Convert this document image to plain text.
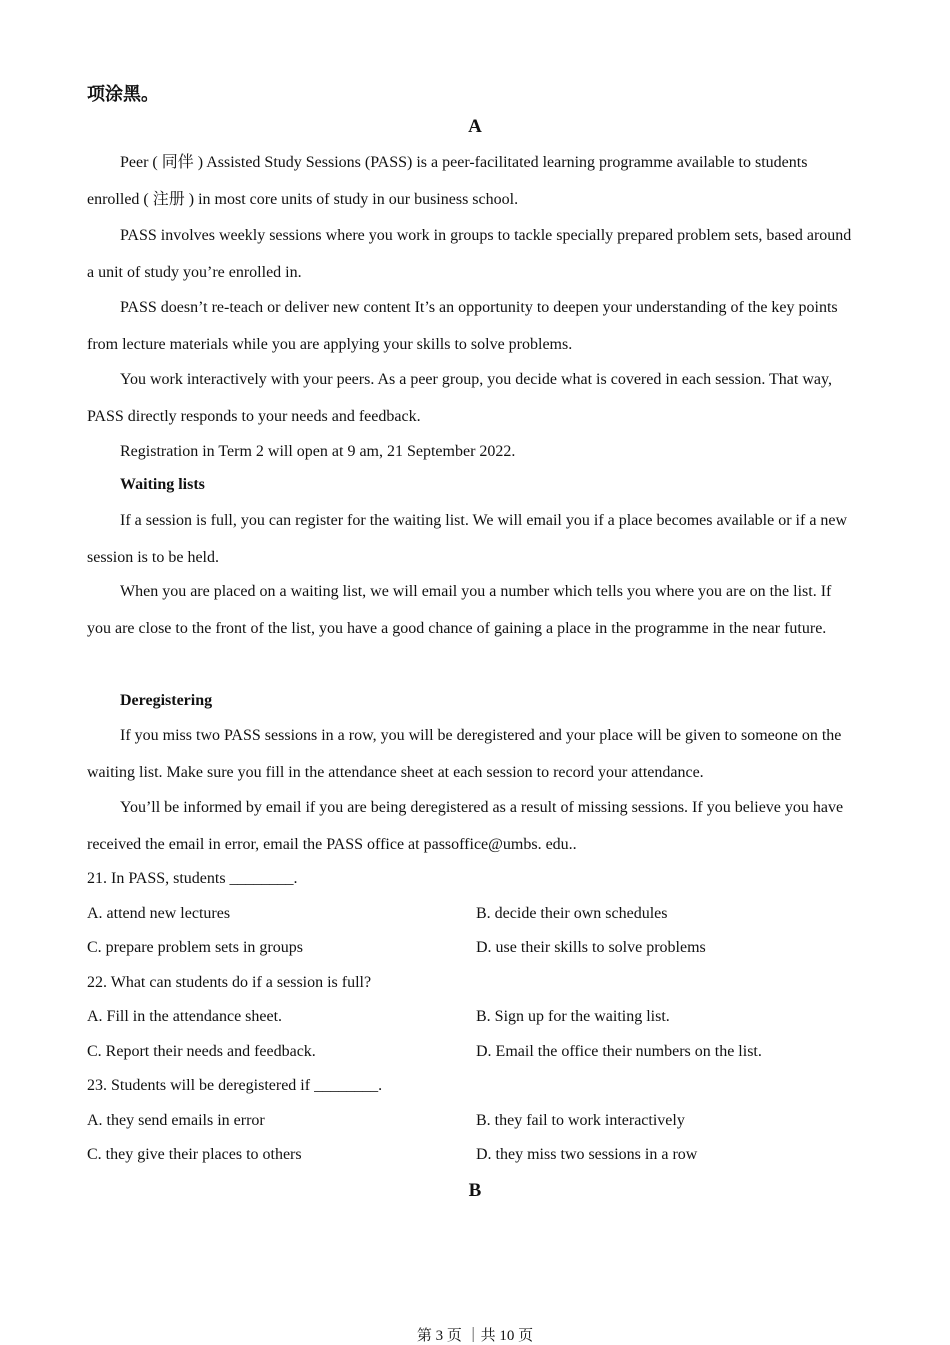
项涂黑。
A

Peer ( 同伴 ) Assisted Study Sessions (PASS) is a peer-facilitated learning programme available to students enrolled ( 注册 ) in most core units of study in our business school.

PASS involves weekly sessions where you work in groups to tackle specially prepared problem sets, based around a unit of study you’re enrolled in.

PASS doesn’t re-teach or deliver new content It’s an opportunity to deepen your understanding of the key points from lecture materials while you are applying your skills to solve problems.

You work interactively with your peers. As a peer group, you decide what is covered in each session. That way, PASS directly responds to your needs and feedback.

Registration in Term 2 will open at 9 am, 21 September 2022.

Waiting lists

If a session is full, you can register for the waiting list. We will email you if a place becomes available or if a new session is to be held.

When you are placed on a waiting list, we will email you a number which tells you where you are on the list. If you are close to the front of the list, you have a good chance of gaining a place in the programme in the near future.

Deregistering

If you miss two PASS sessions in a row, you will be deregistered and your place will be given to someone on the waiting list. Make sure you fill in the attendance sheet at each session to record your attendance.

You’ll be informed by email if you are being deregistered as a result of missing sessions. If you believe you have received the email in error, email the PASS office at passoffice@umbs. edu..

21. In PASS, students ________.
A. attend new lectures	B. decide their own schedules
C. prepare problem sets in groups	D. use their skills to solve problems
22. What can students do if a session is full?
A. Fill in the attendance sheet.	B. Sign up for the waiting list.
C. Report their needs and feedback.	D. Email the office their numbers on the list.
23. Students will be deregistered if ________.
A. they send emails in error	B. they fail to work interactively
C. they give their places to others	D. they miss two sessions in a row
B
第 3 页 ｜共 10 页
